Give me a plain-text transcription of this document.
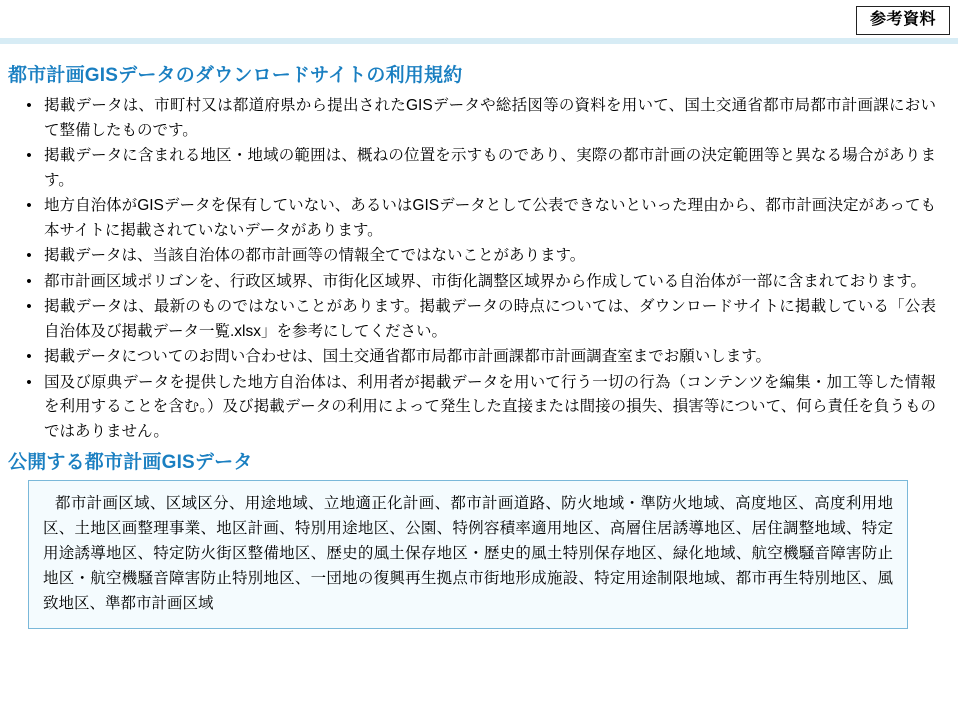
参考資料
都市計画GISデータのダウンロードサイトの利用規約
• 掲載データは、市町村又は都道府県から提出されたGISデータや総括図等の資料を用いて、国土交通省都市局都市計画課において整備したものです。
• 掲載データに含まれる地区・地域の範囲は、概ねの位置を示すものであり、実際の都市計画の決定範囲等と異なる場合があります。
• 地方自治体がGISデータを保有していない、あるいはGISデータとして公表できないといった理由から、都市計画決定があっても本サイトに掲載されていないデータがあります。
• 掲載データは、当該自治体の都市計画等の情報全てではないことがあります。
• 都市計画区域ポリゴンを、行政区域界、市街化区域界、市街化調整区域界から作成している自治体が一部に含まれております。
• 掲載データは、最新のものではないことがあります。掲載データの時点については、ダウンロードサイトに掲載している「公表自治体及び掲載データ一覧.xlsx」を参考にしてください。
• 掲載データについてのお問い合わせは、国土交通省都市局都市計画課都市計画調査室までお願いします。
• 国及び原典データを提供した地方自治体は、利用者が掲載データを用いて行う一切の行為（コンテンツを編集・加工等した情報を利用することを含む。）及び掲載データの利用によって発生した直接または間接の損失、損害等について、何ら責任を負うものではありません。
公開する都市計画GISデータ
都市計画区域、区域区分、用途地域、立地適正化計画、都市計画道路、防火地域・準防火地域、高度地区、高度利用地区、土地区画整理事業、地区計画、特別用途地区、公園、特例容積率適用地区、高層住居誘導地区、居住調整地域、特定用途誘導地区、特定防火街区整備地区、歴史的風土保存地区・歴史的風土特別保存地区、緑化地域、航空機騒音障害防止地区・航空機騒音障害防止特別地区、一団地の復興再生拠点市街地形成施設、特定用途制限地域、都市再生特別地区、風致地区、準都市計画区域
